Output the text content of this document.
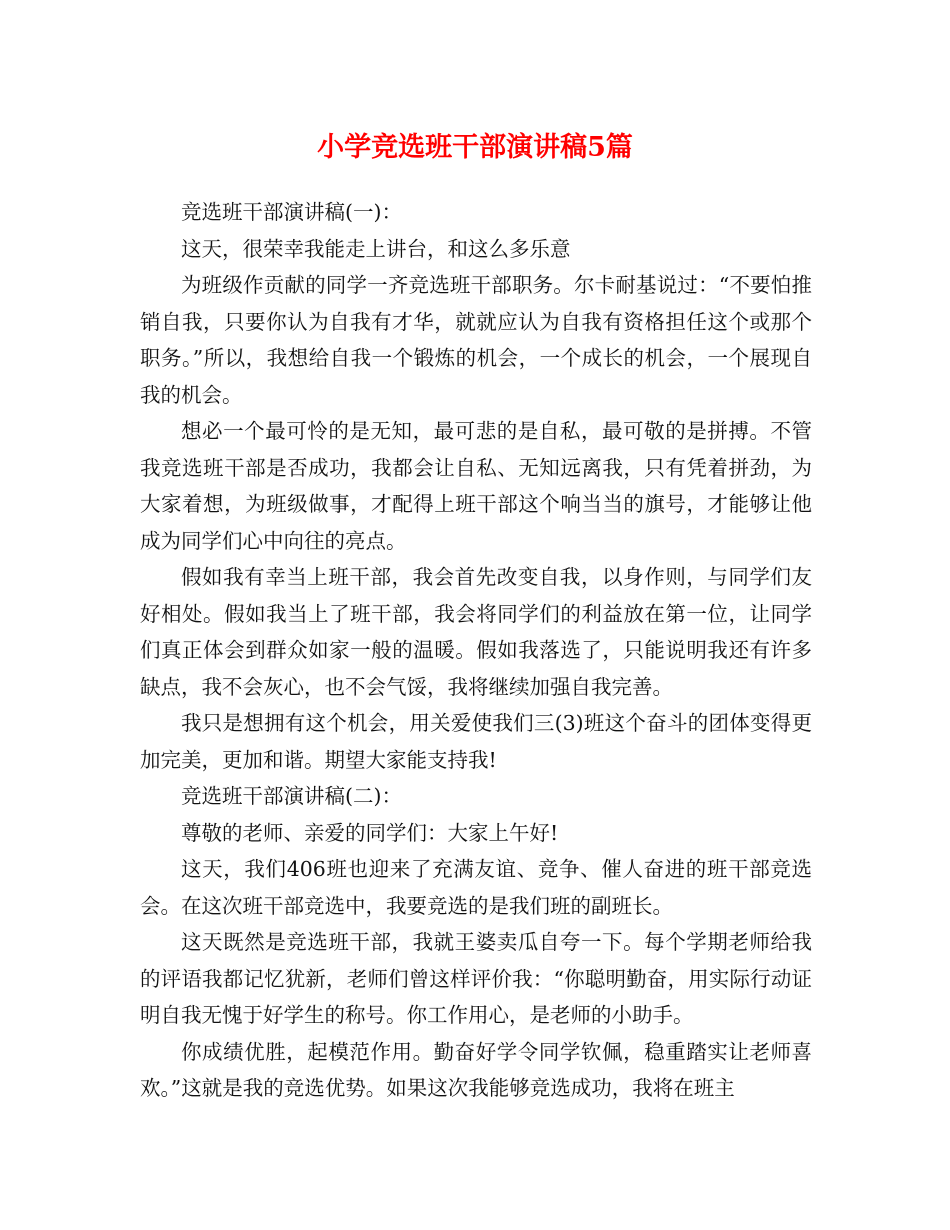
小学竞选班干部演讲稿5篇

竞选班干部演讲稿(一)：

这天，很荣幸我能走上讲台，和这么多乐意

为班级作贡献的同学一齐竞选班干部职务。尔卡耐基说过：“不要怕推销自我，只要你认为自我有才华，就就应认为自我有资格担任这个或那个职务。”所以，我想给自我一个锻炼的机会，一个成长的机会，一个展现自我的机会。

想必一个最可怜的是无知，最可悲的是自私，最可敬的是拼搏。不管我竞选班干部是否成功，我都会让自私、无知远离我，只有凭着拼劲，为大家着想，为班级做事，才配得上班干部这个响当当的旗号，才能够让他成为同学们心中向往的亮点。

假如我有幸当上班干部，我会首先改变自我，以身作则，与同学们友好相处。假如我当上了班干部，我会将同学们的利益放在第一位，让同学们真正体会到群众如家一般的温暖。假如我落选了，只能说明我还有许多缺点，我不会灰心，也不会气馁，我将继续加强自我完善。

我只是想拥有这个机会，用关爱使我们三(3)班这个奋斗的团体变得更加完美，更加和谐。期望大家能支持我!

竞选班干部演讲稿(二)：

尊敬的老师、亲爱的同学们：大家上午好!

这天，我们406班也迎来了充满友谊、竞争、催人奋进的班干部竞选会。在这次班干部竞选中，我要竞选的是我们班的副班长。

这天既然是竞选班干部，我就王婆卖瓜自夸一下。每个学期老师给我的评语我都记忆犹新，老师们曾这样评价我：“你聪明勤奋，用实际行动证明自我无愧于好学生的称号。你工作用心，是老师的小助手。

你成绩优胜，起模范作用。勤奋好学令同学钦佩，稳重踏实让老师喜欢。”这就是我的竞选优势。如果这次我能够竞选成功，我将在班主
